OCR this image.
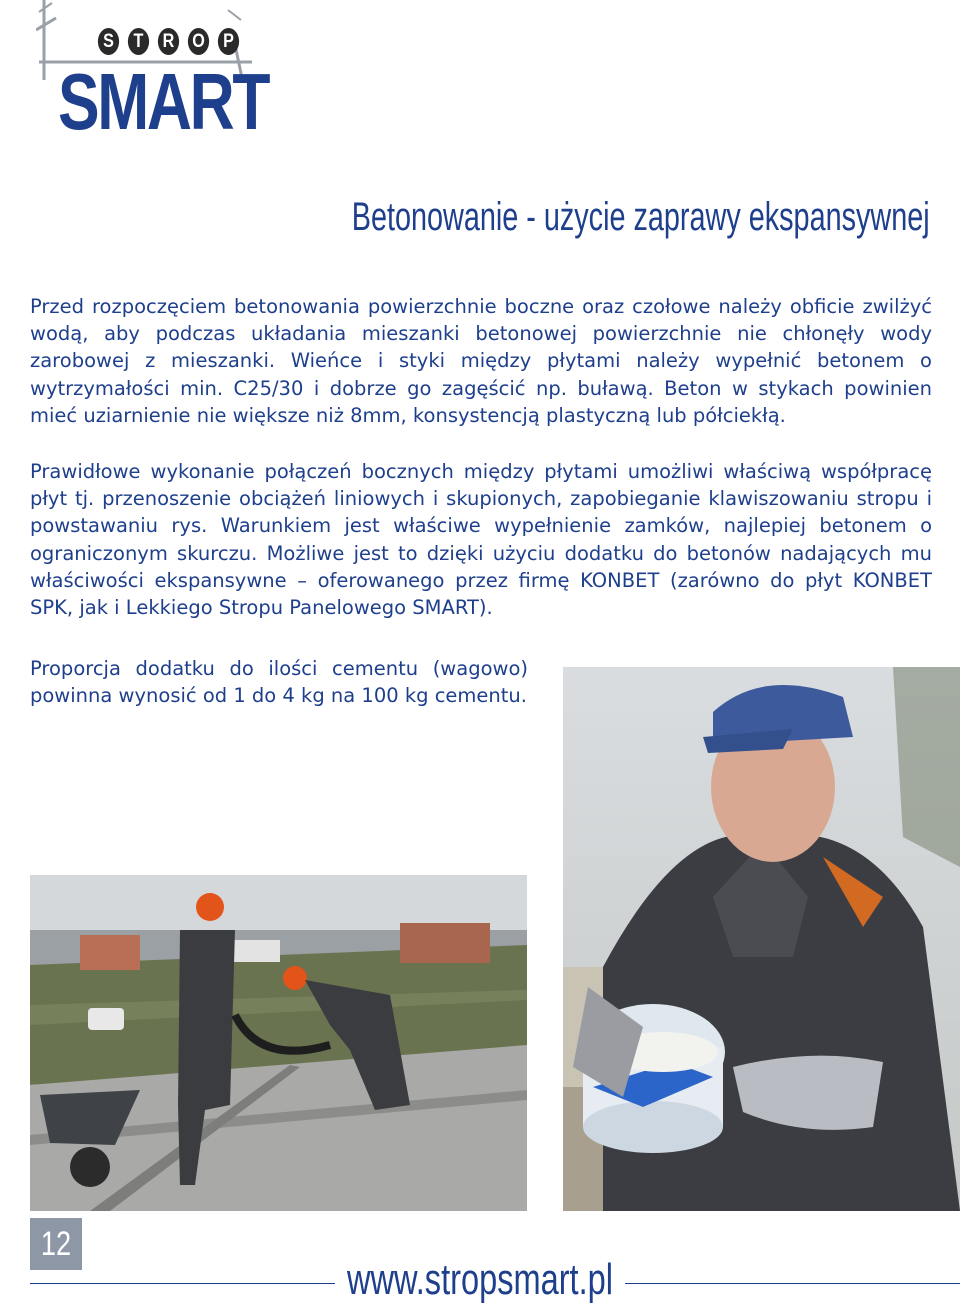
S T R O P
SMART
Betonowanie - użycie zaprawy ekspansywnej

Przed rozpoczęciem betonowania powierzchnie boczne oraz czołowe należy obficie zwilżyć wodą, aby podczas układania mieszanki betonowej powierzchnie nie chłonęły wody zarobowej z mieszanki. Wieńce i styki między płytami należy wypełnić betonem o wytrzymałości min. C25/30 i dobrze go zagęścić np. buławą. Beton w stykach powinien mieć uziarnienie nie większe niż 8mm, konsystencją plastyczną lub półciekłą.

Prawidłowe wykonanie połączeń bocznych między płytami umożliwi właściwą współpracę płyt tj. przenoszenie obciążeń liniowych i skupionych, zapobieganie klawiszowaniu stropu i powstawaniu rys. Warunkiem jest właściwe wypełnienie zamków, najlepiej betonem o ograniczonym skurczu. Możliwe jest to dzięki użyciu dodatku do betonów nadających mu właściwości ekspansywne – oferowanego przez firmę KONBET (zarówno do płyt KONBET SPK, jak i Lekkiego Stropu Panelowego SMART).

Proporcja dodatku do ilości cementu (wagowo) powinna wynosić od 1 do 4 kg na 100 kg cementu.

12
www.stropsmart.pl
